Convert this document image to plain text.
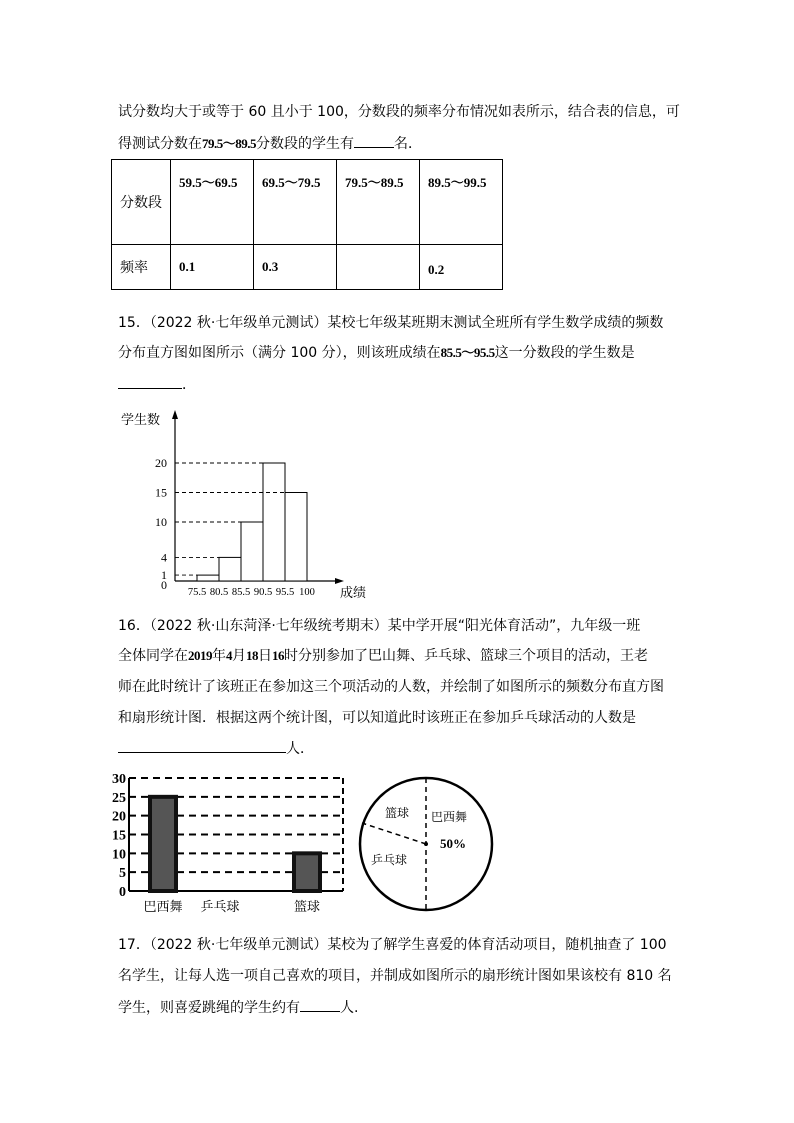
试分数均大于或等于 60 且小于 100，分数段的频率分布情况如表所示，结合表的信息，可
得测试分数在79.5～89.5分数段的学生有	名．
分数段	59.5～69.5	69.5～79.5	79.5～89.5	89.5～99.5
频率	0.1	0.3		0.2
15．（2022 秋·七年级单元测试）某校七年级某班期末测试全班所有学生数学成绩的频数
分布直方图如图所示（满分 100 分），则该班成绩在85.5～95.5这一分数段的学生数是
．
0
1
4
10
15
20
75.5 80.5 85.5 90.5 95.5 100
学生数
成绩
16．（2022 秋·山东菏泽·七年级统考期末）某中学开展“阳光体育活动”，九年级一班
全体同学在2019年4月18日16时分别参加了巴山舞、乒乓球、篮球三个项目的活动，王老
师在此时统计了该班正在参加这三个项活动的人数，并绘制了如图所示的频数分布直方图
和扇形统计图．根据这两个统计图，可以知道此时该班正在参加乒乓球活动的人数是
人．
0
5
10
15
20
25
30
巴西舞 乒乓球	篮球
篮球 巴西舞
50%
乒乓球
17．（2022 秋·七年级单元测试）某校为了解学生喜爱的体育活动项目，随机抽查了 100
名学生，让每人选一项自己喜欢的项目，并制成如图所示的扇形统计图如果该校有 810 名
学生，则喜爱跳绳的学生约有	人.
